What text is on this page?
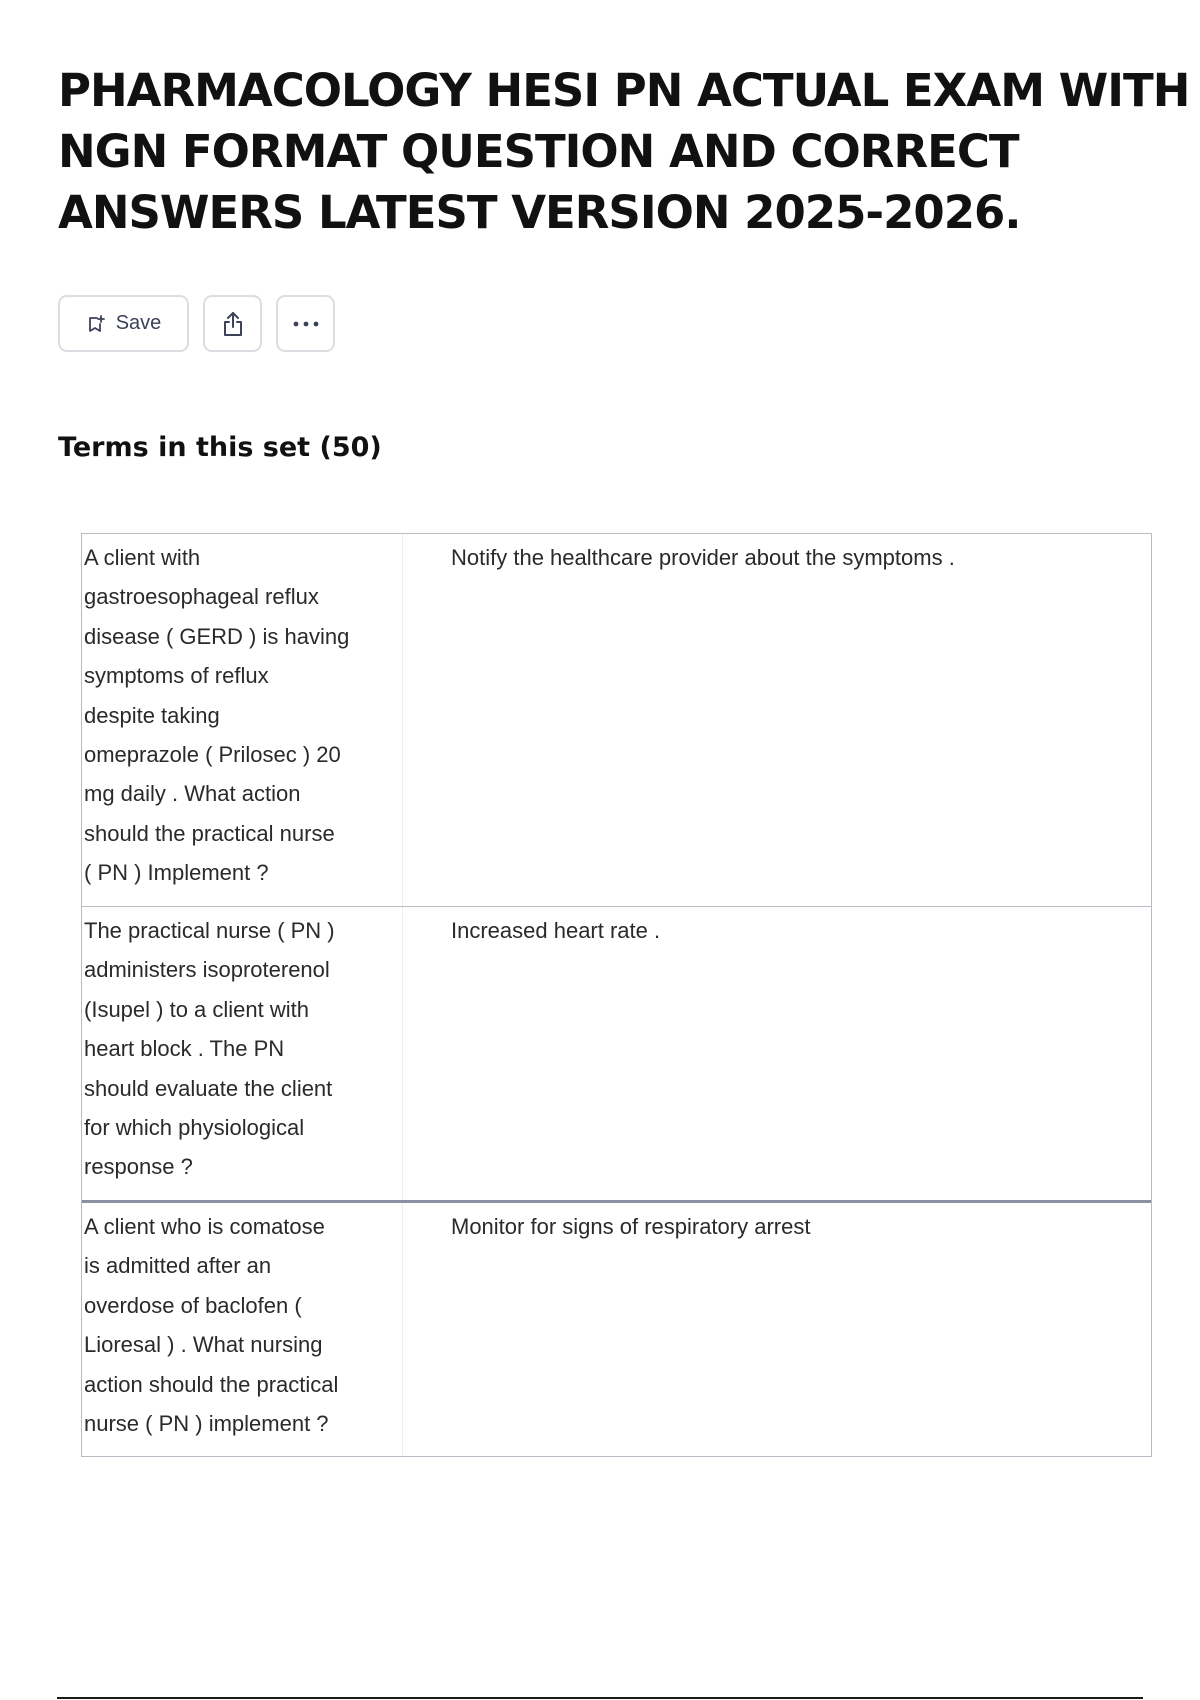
PHARMACOLOGY HESI PN ACTUAL EXAM WITH
NGN FORMAT QUESTION AND CORRECT
ANSWERS LATEST VERSION 2025-2026.
Save
Terms in this set (50)
A client with
gastroesophageal reflux
disease ( GERD ) is having
symptoms of reflux
despite taking
omeprazole ( Prilosec ) 20
mg daily . What action
should the practical nurse
( PN ) Implement ?
Notify the healthcare provider about the symptoms .
The practical nurse ( PN )
administers isoproterenol
(Isupel ) to a client with
heart block . The PN
should evaluate the client
for which physiological
response ?
Increased heart rate .
A client who is comatose
is admitted after an
overdose of baclofen (
Lioresal ) . What nursing
action should the practical
nurse ( PN ) implement ?
Monitor for signs of respiratory arrest
